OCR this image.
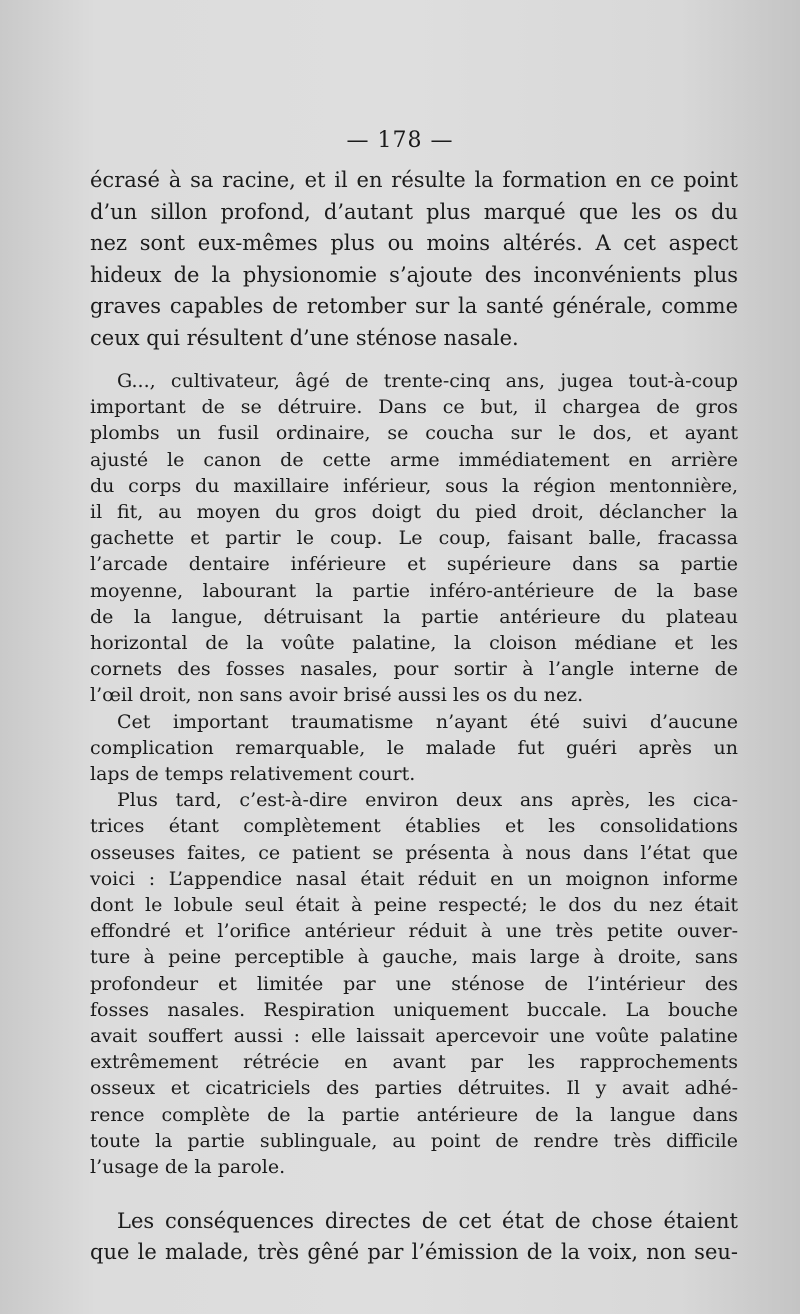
— 178 —
écrasé à sa racine, et il en résulte la formation en ce point
d’un sillon profond, d’autant plus marqué que les os du
nez sont eux-mêmes plus ou moins altérés. A cet aspect
hideux de la physionomie s’ajoute des inconvénients plus
graves capables de retomber sur la santé générale, comme
ceux qui résultent d’une sténose nasale.
G..., cultivateur, âgé de trente-cinq ans, jugea tout-à-coup
important de se détruire. Dans ce but, il chargea de gros
plombs un fusil ordinaire, se coucha sur le dos, et ayant
ajusté le canon de cette arme immédiatement en arrière
du corps du maxillaire inférieur, sous la région mentonnière,
il fit, au moyen du gros doigt du pied droit, déclancher la
gachette et partir le coup. Le coup, faisant balle, fracassa
l’arcade dentaire inférieure et supérieure dans sa partie
moyenne, labourant la partie inféro-antérieure de la base
de la langue, détruisant la partie antérieure du plateau
horizontal de la voûte palatine, la cloison médiane et les
cornets des fosses nasales, pour sortir à l’angle interne de
l’œil droit, non sans avoir brisé aussi les os du nez.
Cet important traumatisme n’ayant été suivi d’aucune
complication remarquable, le malade fut guéri après un
laps de temps relativement court.
Plus tard, c’est-à-dire environ deux ans après, les cica-
trices étant complètement établies et les consolidations
osseuses faites, ce patient se présenta à nous dans l’état que
voici : L’appendice nasal était réduit en un moignon informe
dont le lobule seul était à peine respecté; le dos du nez était
effondré et l’orifice antérieur réduit à une très petite ouver-
ture à peine perceptible à gauche, mais large à droite, sans
profondeur et limitée par une sténose de l’intérieur des
fosses nasales. Respiration uniquement buccale. La bouche
avait souffert aussi : elle laissait apercevoir une voûte palatine
extrêmement rétrécie en avant par les rapprochements
osseux et cicatriciels des parties détruites. Il y avait adhé-
rence complète de la partie antérieure de la langue dans
toute la partie sublinguale, au point de rendre très difficile
l’usage de la parole.
Les conséquences directes de cet état de chose étaient
que le malade, très gêné par l’émission de la voix, non seu-
